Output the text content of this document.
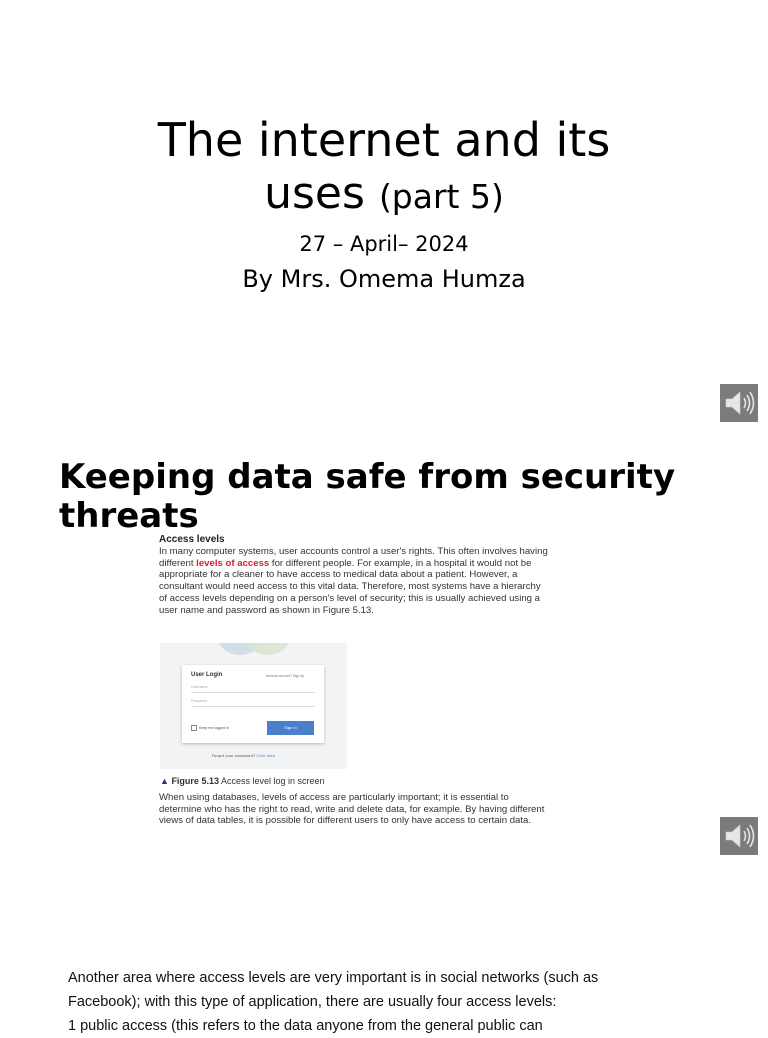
The internet and its
uses (part 5)
27 – April– 2024
By Mrs. Omema Humza
Keeping data safe from security threats
Access levels

In many computer systems, user accounts control a user's rights. This often involves having different levels of access for different people. For example, in a hospital it would not be appropriate for a cleaner to have access to medical data about a patient. However, a consultant would need access to this vital data. Therefore, most systems have a hierarchy of access levels depending on a person's level of security; this is usually achieved using a user name and password as shown in Figure 5.13.

User Login	Need an account? Sign Up
Username
Password
Keep me logged in	Sign In
Forgot your password? Click here
▲ Figure 5.13 Access level log in screen

When using databases, levels of access are particularly important; it is essential to determine who has the right to read, write and delete data, for example. By having different views of data tables, it is possible for different users to only have access to certain data.

Another area where access levels are very important is in social networks (such as

Facebook); with this type of application, there are usually four access levels:

1 public access (this refers to the data anyone from the general public can
